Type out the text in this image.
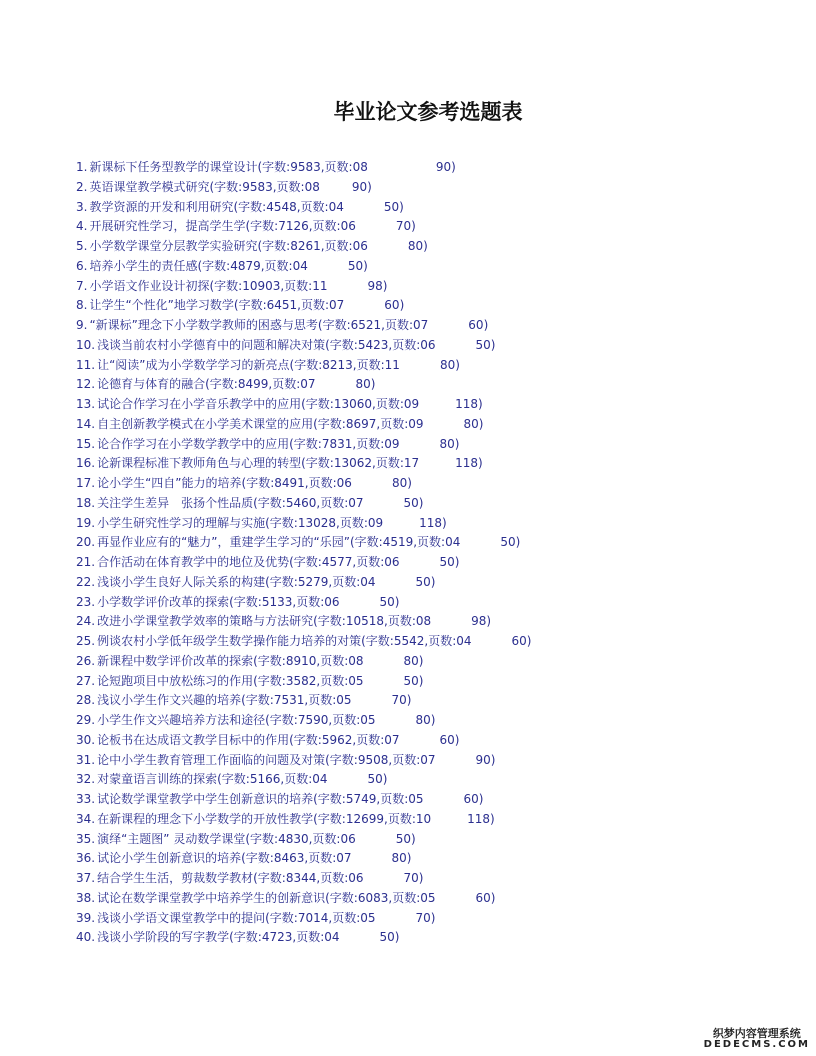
毕业论文参考选题表
1. 新课标下任务型教学的课堂设计(字数:9583,页数:08	90)
2. 英语课堂教学模式研究(字数:9583,页数:08	90)
3. 教学资源的开发和利用研究(字数:4548,页数:04	50)
4. 开展研究性学习，提高学生学(字数:7126,页数:06	70)
5. 小学数学课堂分层教学实验研究(字数:8261,页数:06	80)
6. 培养小学生的责任感(字数:4879,页数:04	50)
7. 小学语文作业设计初探(字数:10903,页数:11	98)
8. 让学生“个性化”地学习数学(字数:6451,页数:07	60)
9. “新课标”理念下小学数学教师的困惑与思考(字数:6521,页数:07	60)
10. 浅谈当前农村小学德育中的问题和解决对策(字数:5423,页数:06	50)
11. 让“阅读”成为小学数学学习的新亮点(字数:8213,页数:11	80)
12. 论德育与体育的融合(字数:8499,页数:07	80)
13. 试论合作学习在小学音乐教学中的应用(字数:13060,页数:09	118)
14. 自主创新教学模式在小学美术课堂的应用(字数:8697,页数:09	80)
15. 论合作学习在小学数学教学中的应用(字数:7831,页数:09	80)
16. 论新课程标准下教师角色与心理的转型(字数:13062,页数:17	118)
17. 论小学生“四自”能力的培养(字数:8491,页数:06	80)
18. 关注学生差异　张扬个性品质(字数:5460,页数:07	50)
19. 小学生研究性学习的理解与实施(字数:13028,页数:09	118)
20. 再显作业应有的“魅力”，重建学生学习的“乐园”(字数:4519,页数:04	50)
21. 合作活动在体育教学中的地位及优势(字数:4577,页数:06	50)
22. 浅谈小学生良好人际关系的构建(字数:5279,页数:04	50)
23. 小学数学评价改革的探索(字数:5133,页数:06	50)
24. 改进小学课堂教学效率的策略与方法研究(字数:10518,页数:08	98)
25. 例谈农村小学低年级学生数学操作能力培养的对策(字数:5542,页数:04	60)
26. 新课程中数学评价改革的探索(字数:8910,页数:08	80)
27. 论短跑项目中放松练习的作用(字数:3582,页数:05	50)
28. 浅议小学生作文兴趣的培养(字数:7531,页数:05	70)
29. 小学生作文兴趣培养方法和途径(字数:7590,页数:05	80)
30. 论板书在达成语文教学目标中的作用(字数:5962,页数:07	60)
31. 论中小学生教育管理工作面临的问题及对策(字数:9508,页数:07	90)
32. 对蒙童语言训练的探索(字数:5166,页数:04	50)
33. 试论数学课堂教学中学生创新意识的培养(字数:5749,页数:05	60)
34. 在新课程的理念下小学数学的开放性教学(字数:12699,页数:10	118)
35. 演绎“主题图” 灵动数学课堂(字数:4830,页数:06	50)
36. 试论小学生创新意识的培养(字数:8463,页数:07	80)
37. 结合学生生活，剪裁数学教材(字数:8344,页数:06	70)
38. 试论在数学课堂教学中培养学生的创新意识(字数:6083,页数:05	60)
39. 浅谈小学语文课堂教学中的提问(字数:7014,页数:05	70)
40. 浅谈小学阶段的写字教学(字数:4723,页数:04	50)
织梦内容管理系统
DEDECMS.COM
